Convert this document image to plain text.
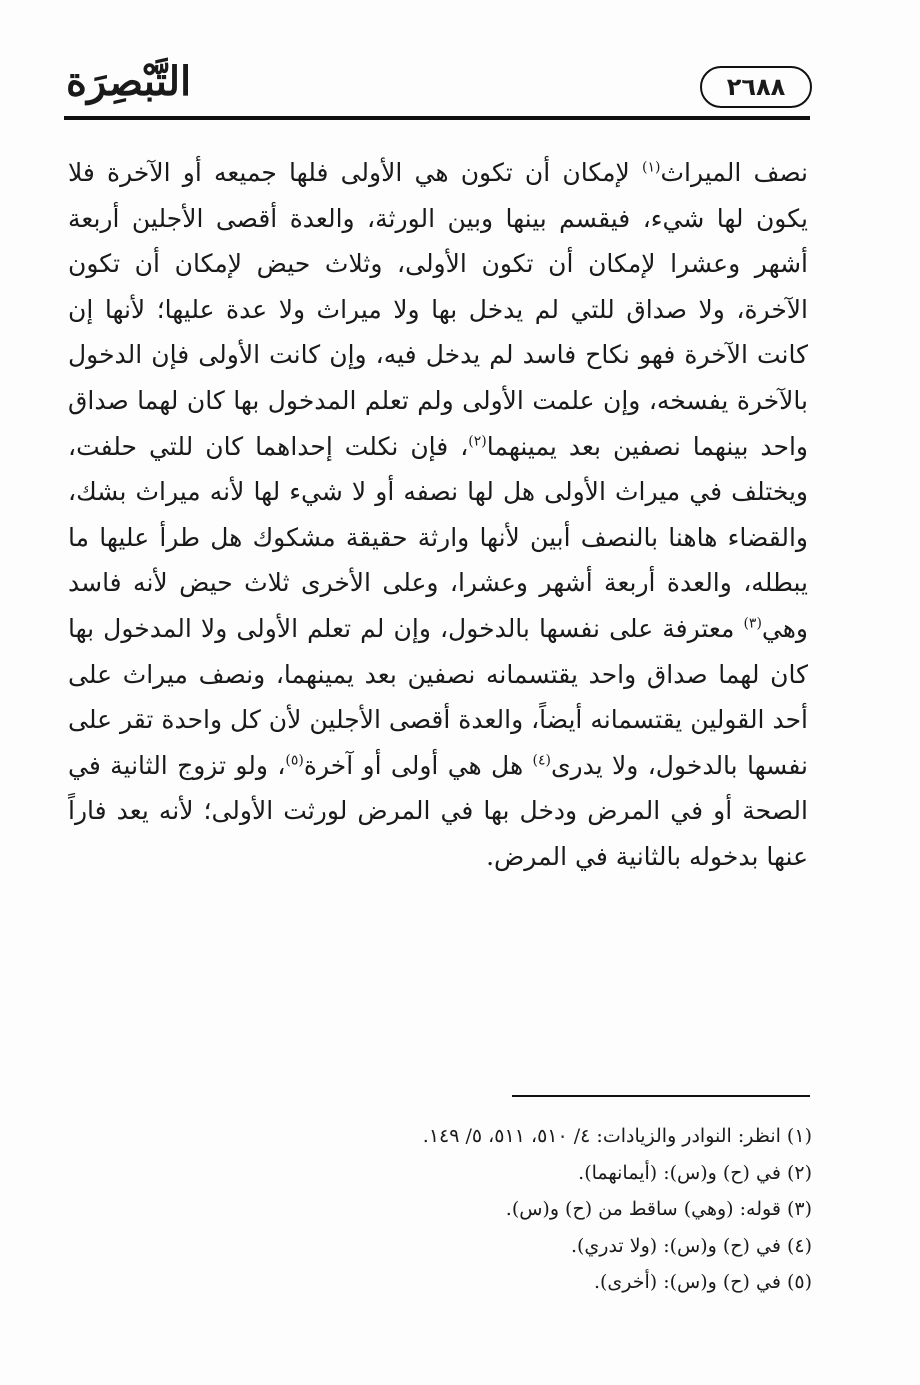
التَّبْصِرَة	٢٦٨٨

نصف الميراث$^{(١)}$ لإمكان أن تكون هي الأولى فلها جميعه أو الآخرة فلا يكون لها شيء، فيقسم بينها وبين الورثة، والعدة أقصى الأجلين أربعة أشهر وعشرا لإمكان أن تكون الأولى، وثلاث حيض لإمكان أن تكون الآخرة، ولا صداق للتي لم يدخل بها ولا ميراث ولا عدة عليها؛ لأنها إن كانت الآخرة فهو نكاح فاسد لم يدخل فيه، وإن كانت الأولى فإن الدخول بالآخرة يفسخه، وإن علمت الأولى ولم تعلم المدخول بها كان لهما صداق واحد بينهما نصفين بعد يمينهما$^{(٢)}$، فإن نكلت إحداهما كان للتي حلفت، ويختلف في ميراث الأولى هل لها نصفه أو لا شيء لها لأنه ميراث بشك، والقضاء هاهنا بالنصف أبين لأنها وارثة حقيقة مشكوك هل طرأ عليها ما يبطله، والعدة أربعة أشهر وعشرا، وعلى الأخرى ثلاث حيض لأنه فاسد وهي$^{(٣)}$ معترفة على نفسها بالدخول، وإن لم تعلم الأولى ولا المدخول بها كان لهما صداق واحد يقتسمانه نصفين بعد يمينهما، ونصف ميراث على أحد القولين يقتسمانه أيضاً، والعدة أقصى الأجلين لأن كل واحدة تقر على نفسها بالدخول، ولا يدرى$^{(٤)}$ هل هي أولى أو آخرة$^{(٥)}$، ولو تزوج الثانية في الصحة أو في المرض ودخل بها في المرض لورثت الأولى؛ لأنه يعد فاراً عنها بدخوله بالثانية في المرض.

(١) انظر: النوادر والزيادات: ٤/ ٥١٠، ٥١١، ٥/ ١٤٩.
(٢) في (ح) و(س): (أيمانهما).
(٣) قوله: (وهي) ساقط من (ح) و(س).
(٤) في (ح) و(س): (ولا تدري).
(٥) في (ح) و(س): (أخرى).
